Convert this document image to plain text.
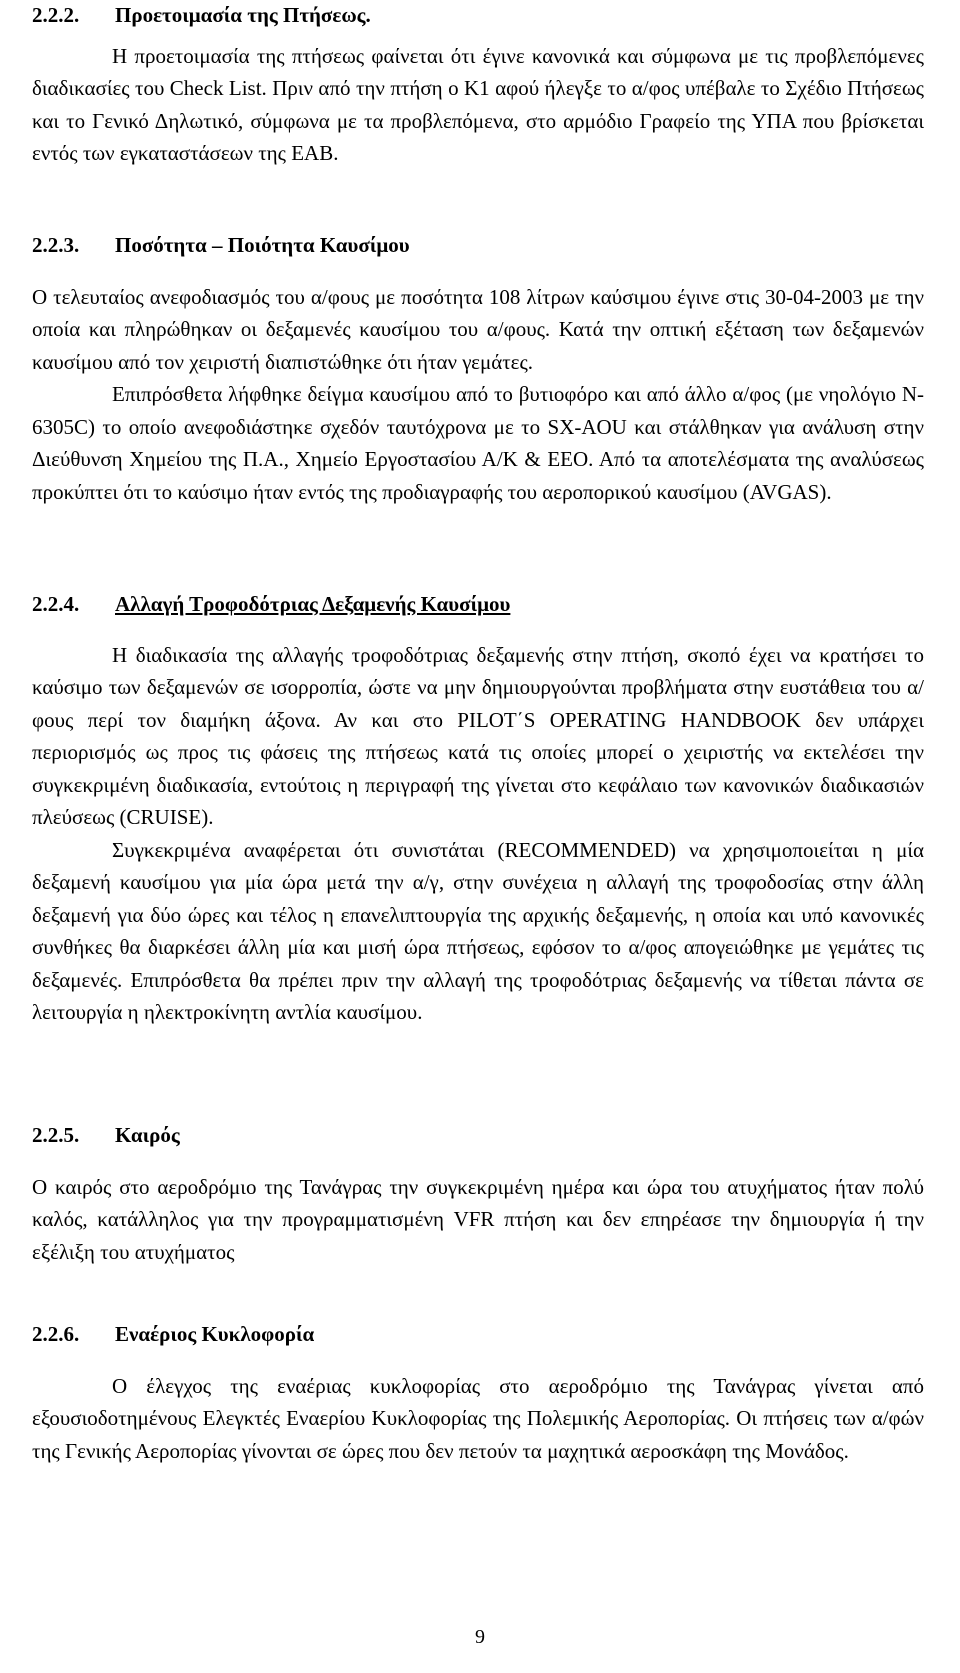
2.2.2. Προετοιμασία της Πτήσεως.

Η προετοιμασία της πτήσεως φαίνεται ότι έγινε κανονικά και σύμφωνα με τις προβλεπόμενες διαδικασίες του Check List. Πριν από την πτήση ο Κ1 αφού ήλεγξε το α/φος υπέβαλε το Σχέδιο Πτήσεως και το Γενικό Δηλωτικό, σύμφωνα με τα προβλεπόμενα, στο αρμόδιο Γραφείο της ΥΠΑ που βρίσκεται εντός των εγκαταστάσεων της ΕΑΒ.

2.2.3. Ποσότητα – Ποιότητα Καυσίμου

Ο τελευταίος ανεφοδιασμός του α/φους με ποσότητα 108 λίτρων καύσιμου έγινε στις 30-04-2003 με την οποία και πληρώθηκαν οι δεξαμενές καυσίμου του α/φους. Κατά την οπτική εξέταση των δεξαμενών καυσίμου από τον χειριστή διαπιστώθηκε ότι ήταν γεμάτες.

Επιπρόσθετα λήφθηκε δείγμα καυσίμου από το βυτιοφόρο και από άλλο α/φος (με νηολόγιο N-6305C) το οποίο ανεφοδιάστηκε σχεδόν ταυτόχρονα με το SX-AOU και στάλθηκαν για ανάλυση στην Διεύθυνση Χημείου της Π.Α., Χημείο Εργοστασίου Α/Κ & ΕΕΟ. Από τα αποτελέσματα της αναλύσεως προκύπτει ότι το καύσιμο ήταν εντός της προδιαγραφής του αεροπορικού καυσίμου (AVGAS).

2.2.4. Αλλαγή Τροφοδότριας Δεξαμενής Καυσίμου

Η διαδικασία της αλλαγής τροφοδότριας δεξαμενής στην πτήση, σκοπό έχει να κρατήσει το καύσιμο των δεξαμενών σε ισορροπία, ώστε να μην δημιουργούνται προβλήματα στην ευστάθεια του α/φους περί τον διαμήκη άξονα. Αν και στο PILOT΄S OPERATING HANDBOOK δεν υπάρχει περιορισμός ως προς τις φάσεις της πτήσεως κατά τις οποίες μπορεί ο χειριστής να εκτελέσει την συγκεκριμένη διαδικασία, εντούτοις η περιγραφή της γίνεται στο κεφάλαιο των κανονικών διαδικασιών πλεύσεως (CRUISE).

Συγκεκριμένα αναφέρεται ότι συνιστάται (RECOMMENDED) να χρησιμοποιείται η μία δεξαμενή καυσίμου για μία ώρα μετά την α/γ, στην συνέχεια η αλλαγή της τροφοδοσίας στην άλλη δεξαμενή για δύο ώρες και τέλος η επανελιπτουργία της αρχικής δεξαμενής, η οποία και υπό κανονικές συνθήκες θα διαρκέσει άλλη μία και μισή ώρα πτήσεως, εφόσον το α/φος απογειώθηκε με γεμάτες τις δεξαμενές. Επιπρόσθετα θα πρέπει πριν την αλλαγή της τροφοδότριας δεξαμενής να τίθεται πάντα σε λειτουργία η ηλεκτροκίνητη αντλία καυσίμου.

2.2.5. Καιρός

Ο καιρός στο αεροδρόμιο της Τανάγρας την συγκεκριμένη ημέρα και ώρα του ατυχήματος ήταν πολύ καλός, κατάλληλος για την προγραμματισμένη VFR πτήση και δεν επηρέασε την δημιουργία ή την εξέλιξη του ατυχήματος

2.2.6. Εναέριος Κυκλοφορία

Ο έλεγχος της εναέριας κυκλοφορίας στο αεροδρόμιο της Τανάγρας γίνεται από εξουσιοδοτημένους Ελεγκτές Εναερίου Κυκλοφορίας της Πολεμικής Αεροπορίας. Οι πτήσεις των α/φών της Γενικής Αεροπορίας γίνονται σε ώρες που δεν πετούν τα μαχητικά αεροσκάφη της Μονάδος.

9
